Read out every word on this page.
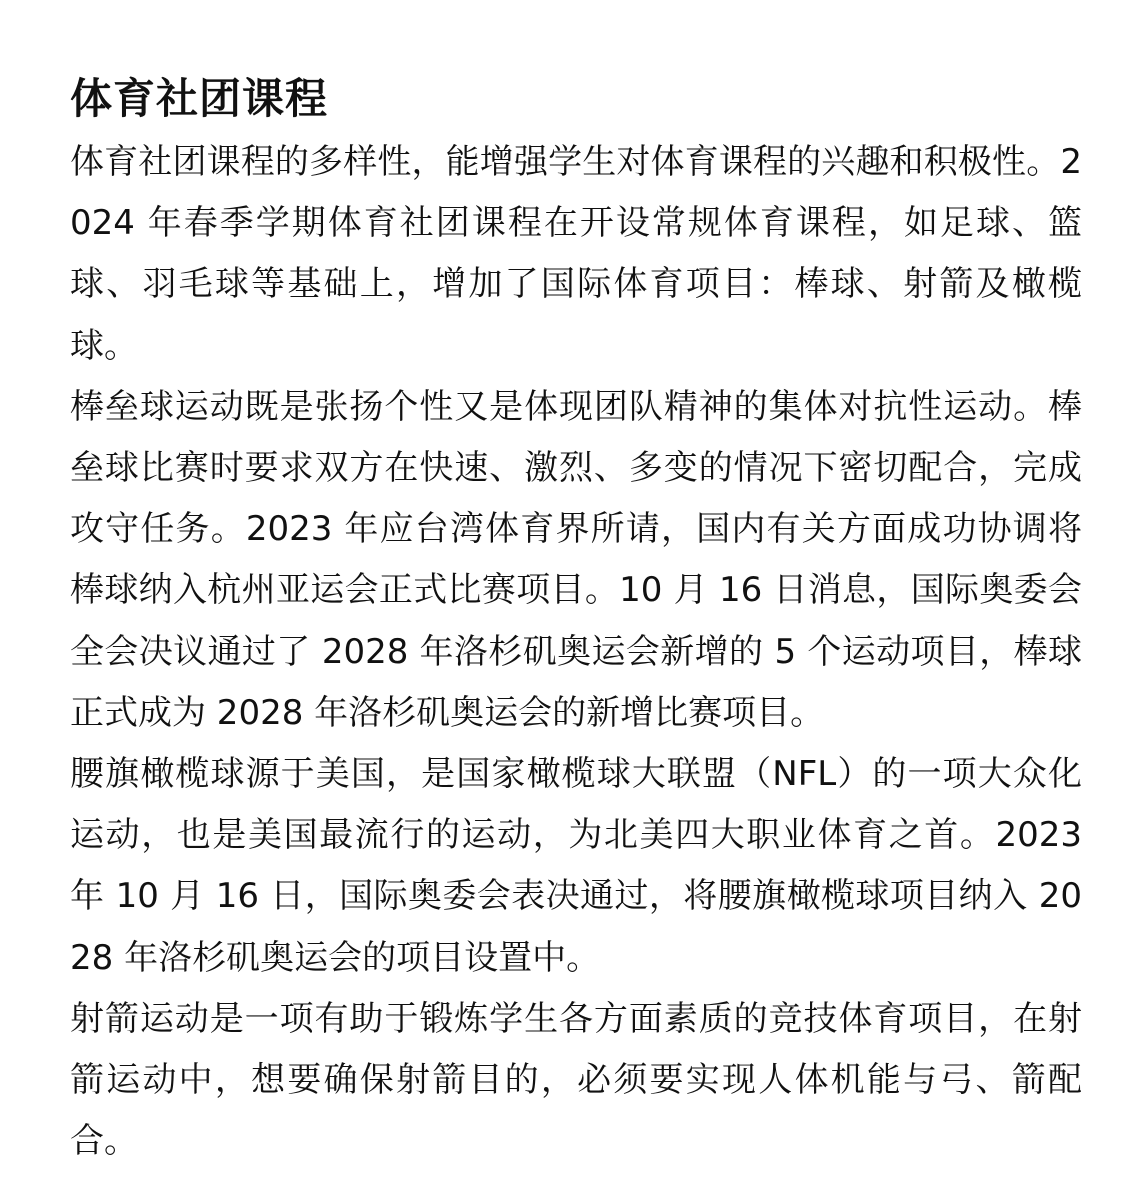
体育社团课程

体育社团课程的多样性，能增强学生对体育课程的兴趣和积极性。2024 年春季学期体育社团课程在开设常规体育课程，如足球、篮球、羽毛球等基础上，增加了国际体育项目：棒球、射箭及橄榄球。

棒垒球运动既是张扬个性又是体现团队精神的集体对抗性运动。棒垒球比赛时要求双方在快速、激烈、多变的情况下密切配合，完成攻守任务。2023 年应台湾体育界所请，国内有关方面成功协调将棒球纳入杭州亚运会正式比赛项目。10 月 16 日消息，国际奥委会全会决议通过了 2028 年洛杉矶奥运会新增的 5 个运动项目，棒球正式成为 2028 年洛杉矶奥运会的新增比赛项目。

腰旗橄榄球源于美国，是国家橄榄球大联盟（NFL）的一项大众化运动，也是美国最流行的运动，为北美四大职业体育之首。2023 年 10 月 16 日，国际奥委会表决通过，将腰旗橄榄球项目纳入 2028 年洛杉矶奥运会的项目设置中。

射箭运动是一项有助于锻炼学生各方面素质的竞技体育项目，在射箭运动中，想要确保射箭目的，必须要实现人体机能与弓、箭配合。
